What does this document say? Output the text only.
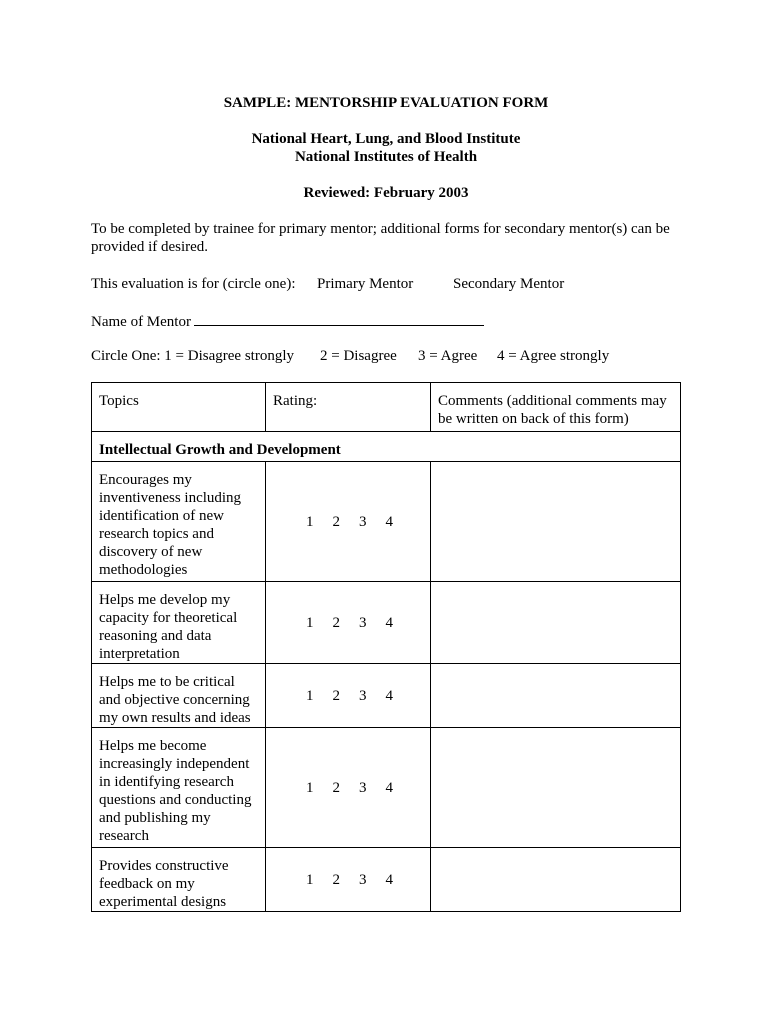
SAMPLE: MENTORSHIP EVALUATION FORM
National Heart, Lung, and Blood Institute
National Institutes of Health
Reviewed: February 2003
To be completed by trainee for primary mentor; additional forms for secondary mentor(s) can be provided if desired.
This evaluation is for (circle one): Primary Mentor	Secondary Mentor
Name of Mentor
Circle One: 1 = Disagree strongly 2 = Disagree 3 = Agree 4 = Agree strongly
Topics	Rating:	Comments (additional comments may be written on back of this form)
Intellectual Growth and Development		
Encourages my inventiveness including identification of new research topics and discovery of new methodologies	1 2 3 4	

Helps me develop my capacity for theoretical reasoning and data interpretation	1 2 3 4	

Helps me to be critical and objective concerning my own results and ideas	1 2 3 4	

Helps me become increasingly independent in identifying research questions and conducting and publishing my research	1 2 3 4	

Provides constructive feedback on my experimental designs	1 2 3 4	
